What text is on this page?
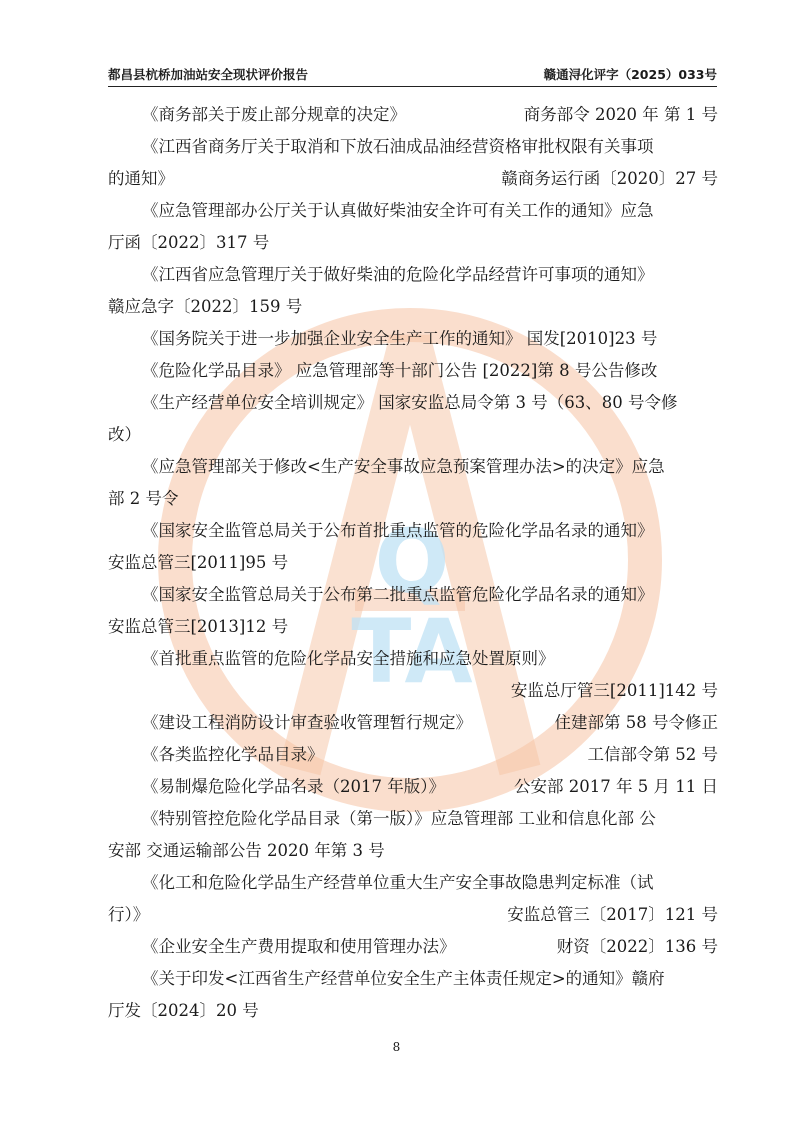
Q
TA
都昌县杭桥加油站安全现状评价报告	赣通浔化评字（2025）033号
《商务部关于废止部分规章的决定》	商务部令 2020 年 第 1 号
《江西省商务厅关于取消和下放石油成品油经营资格审批权限有关事项
的通知》	赣商务运行函〔2020〕27 号
《应急管理部办公厅关于认真做好柴油安全许可有关工作的通知》应急
厅函〔2022〕317 号
《江西省应急管理厅关于做好柴油的危险化学品经营许可事项的通知》
赣应急字〔2022〕159 号
《国务院关于进一步加强企业安全生产工作的通知》 国发[2010]23 号
《危险化学品目录》 应急管理部等十部门公告 [2022]第 8 号公告修改
《生产经营单位安全培训规定》 国家安监总局令第 3 号（63、80 号令修
改）
《应急管理部关于修改<生产安全事故应急预案管理办法>的决定》应急
部 2 号令
《国家安全监管总局关于公布首批重点监管的危险化学品名录的通知》
安监总管三[2011]95 号
《国家安全监管总局关于公布第二批重点监管危险化学品名录的通知》
安监总管三[2013]12 号
《首批重点监管的危险化学品安全措施和应急处置原则》
安监总厅管三[2011]142 号
《建设工程消防设计审查验收管理暂行规定》	住建部第 58 号令修正
《各类监控化学品目录》	工信部令第 52 号
《易制爆危险化学品名录（2017 年版）》	公安部 2017 年 5 月 11 日
《特别管控危险化学品目录（第一版）》应急管理部 工业和信息化部 公
安部 交通运输部公告 2020 年第 3 号
《化工和危险化学品生产经营单位重大生产安全事故隐患判定标准（试
行）》	安监总管三〔2017〕121 号
《企业安全生产费用提取和使用管理办法》	财资〔2022〕136 号
《关于印发<江西省生产经营单位安全生产主体责任规定>的通知》赣府
厅发〔2024〕20 号
8
